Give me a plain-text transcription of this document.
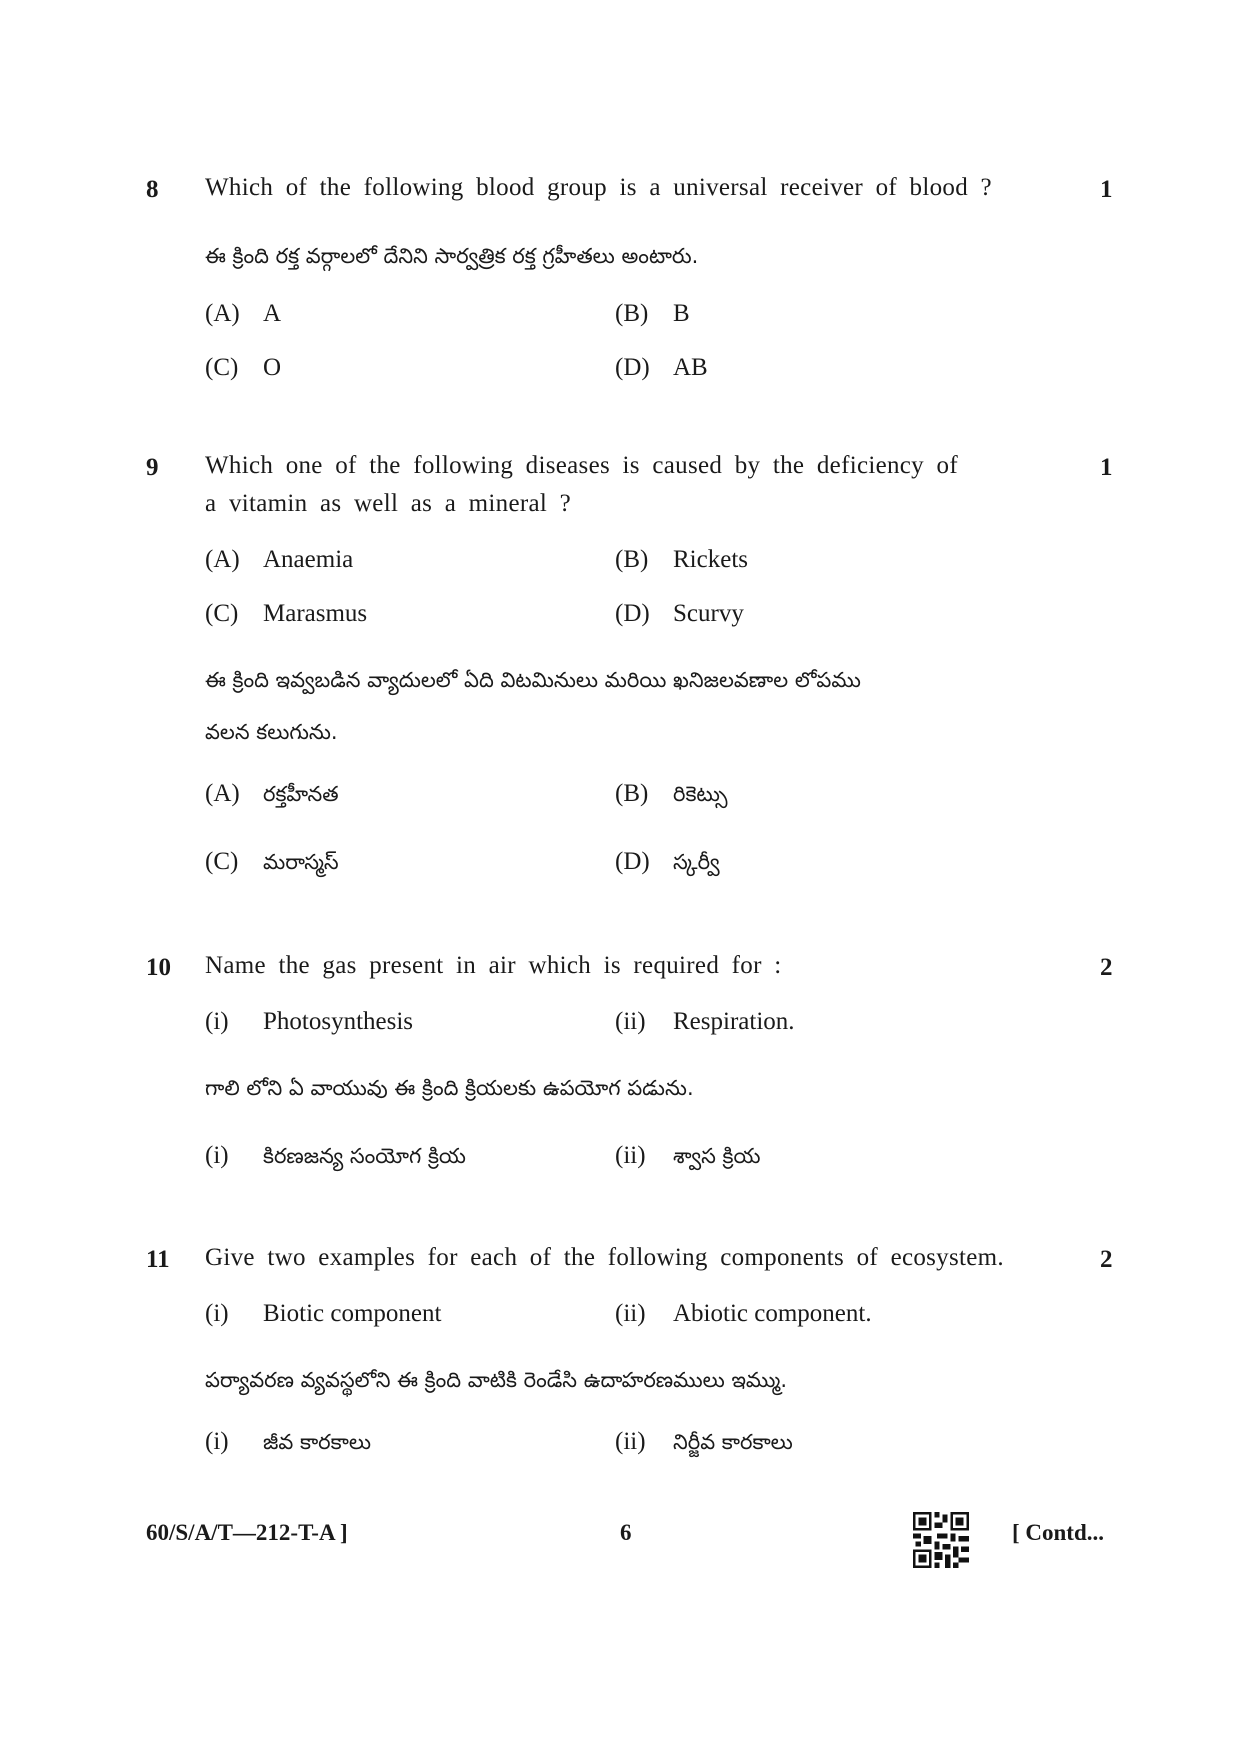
8 Which of the following blood group is a universal receiver of blood ?	1
ఈ క్రింది రక్త వర్గాలలో దేనిని సార్వత్రిక రక్త గ్రహీతలు అంటారు.
(A) A	(B) B
(C) O	(D) AB
9 Which one of the following diseases is caused by the deficiency of
a vitamin as well as a mineral ?
1
(A) Anaemia	(B) Rickets
(C) Marasmus	(D) Scurvy
ఈ క్రింది ఇవ్వబడిన వ్యాదులలో ఏది విటమినులు మరియి ఖనిజలవణాల లోపము
వలన కలుగును.
(A) రక్తహీనత	(B) రికెట్సు
(C) మరాస్మస్	(D) స్కర్వీ
10 Name the gas present in air which is required for :	2
(i) Photosynthesis	(ii) Respiration.
గాలి లోని ఏ వాయువు ఈ క్రింది క్రియలకు ఉపయోగ పడును.
(i) కిరణజన్య సంయోగ క్రియ	(ii) శ్వాస క్రియ
11 Give two examples for each of the following components of ecosystem.	2
(i) Biotic component	(ii) Abiotic component.
పర్యావరణ వ్యవస్థలోని ఈ క్రింది వాటికి రెండేసి ఉదాహరణములు ఇమ్ము.
(i) జీవ కారకాలు	(ii) నిర్జీవ కారకాలు
60/S/A/T—212-T-A ]	6	[ Contd...
